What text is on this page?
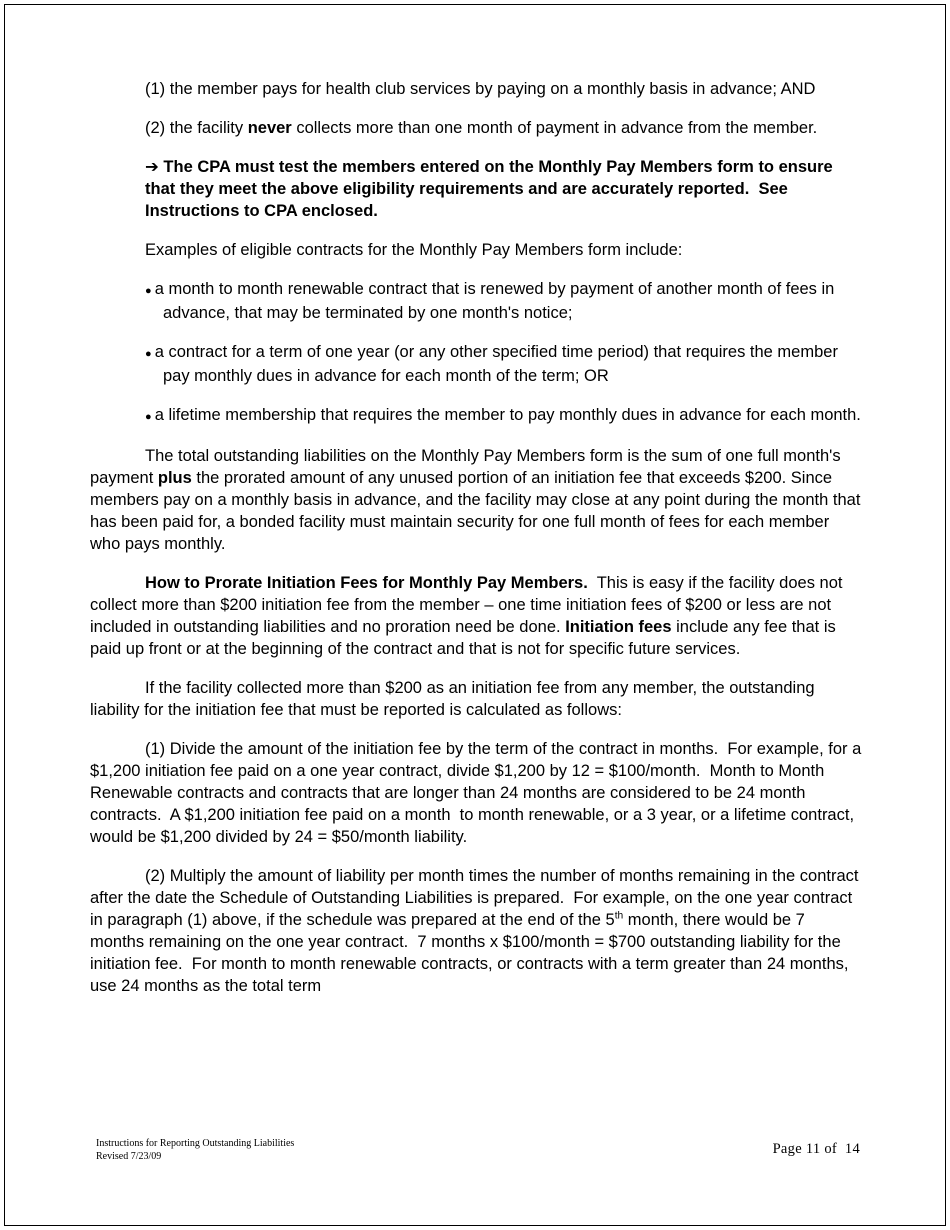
(1) the member pays for health club services by paying on a monthly basis in advance; AND
(2) the facility never collects more than one month of payment in advance from the member.
➔ The CPA must test the members entered on the Monthly Pay Members form to ensure that they meet the above eligibility requirements and are accurately reported.  See Instructions to CPA enclosed.
Examples of eligible contracts for the Monthly Pay Members form include:
● a month to month renewable contract that is renewed by payment of another month of fees in advance, that may be terminated by one month's notice;
● a contract for a term of one year (or any other specified time period) that requires the member pay monthly dues in advance for each month of the term; OR
● a lifetime membership that requires the member to pay monthly dues in advance for each month.
The total outstanding liabilities on the Monthly Pay Members form is the sum of one full month's payment plus the prorated amount of any unused portion of an initiation fee that exceeds $200. Since members pay on a monthly basis in advance, and the facility may close at any point during the month that has been paid for, a bonded facility must maintain security for one full month of fees for each member who pays monthly.
How to Prorate Initiation Fees for Monthly Pay Members.  This is easy if the facility does not collect more than $200 initiation fee from the member – one time initiation fees of $200 or less are not included in outstanding liabilities and no proration need be done. Initiation fees include any fee that is paid up front or at the beginning of the contract and that is not for specific future services.
If the facility collected more than $200 as an initiation fee from any member, the outstanding liability for the initiation fee that must be reported is calculated as follows:
(1) Divide the amount of the initiation fee by the term of the contract in months.  For example, for a $1,200 initiation fee paid on a one year contract, divide $1,200 by 12 = $100/month.  Month to Month Renewable contracts and contracts that are longer than 24 months are considered to be 24 month contracts.  A $1,200 initiation fee paid on a month  to month renewable, or a 3 year, or a lifetime contract, would be $1,200 divided by 24 = $50/month liability.
(2) Multiply the amount of liability per month times the number of months remaining in the contract after the date the Schedule of Outstanding Liabilities is prepared.  For example, on the one year contract in paragraph (1) above, if the schedule was prepared at the end of the 5th month, there would be 7 months remaining on the one year contract.  7 months x $100/month = $700 outstanding liability for the initiation fee.  For month to month renewable contracts, or contracts with a term greater than 24 months, use 24 months as the total term
Instructions for Reporting Outstanding Liabilities
Revised 7/23/09	Page 11 of  14
